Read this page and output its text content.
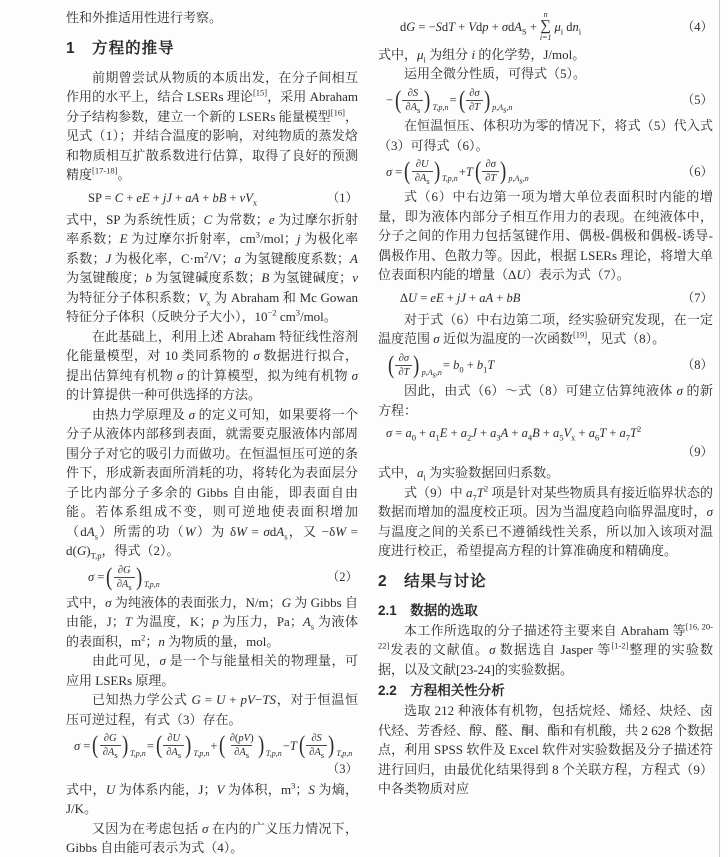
性和外推适用性进行考察。

1　方程的推导

前期曾尝试从物质的本质出发，在分子间相互作用的水平上，结合 LSERs 理论[15]，采用 Abraham 分子结构参数，建立一个新的 LSERs 能量模型[16]，见式（1）；并结合温度的影响，对纯物质的蒸发焓和物质相互扩散系数进行估算，取得了良好的预测精度[17-18]。

SP = C + eE + jJ + aA + bB + $vV_x$	（1）

式中，SP 为系统性质；C 为常数；e 为过摩尔折射率系数；E 为过摩尔折射率，$cm^3$/mol；j 为极化率系数；J 为极化率，$C\cdot m^2/V$；a 为氢键酸度系数；A 为氢键酸度；b 为氢键碱度系数；B 为氢键碱度；v 为特征分子体积系数；$V_x$ 为 Abraham 和 Mc Gowan 特征分子体积（反映分子大小），$10^{-2}$ $cm^3$/mol。

在此基础上，利用上述 Abraham 特征线性溶剂化能量模型，对 10 类同系物的 σ 数据进行拟合，提出估算纯有机物 σ 的计算模型，拟为纯有机物 σ 的计算提供一种可供选择的方法。

由热力学原理及 σ 的定义可知，如果要将一个分子从液体内部移到表面，就需要克服液体内部周围分子对它的吸引力而做功。在恒温恒压可逆的条件下，形成新表面所消耗的功，将转化为表面层分子比内部分子多余的 Gibbs 自由能，即表面自由能。若体系组成不变，则可逆地使表面积增加$(dA_s)$所需的功（W）为 δW = σdA$_s$，又 $-\delta W = d(G)_{T,p}$，得式（2）。

σ = ( $\frac{\partial G}{\partial A_s}$ ) T,p,n
（2）

式中，σ 为纯液体的表面张力，N/m；G 为 Gibbs 自由能，J；T 为温度，K；p 为压力，Pa；$A_s$ 为液体的表面积，$m^2$；n 为物质的量，mol。

由此可见，σ 是一个与能量相关的物理量，可应用 LSERs 原理。

已知热力学公式 G = U + pV−TS，对于恒温恒压可逆过程，有式（3）存在。

σ = ( $\frac{\partial G}{\partial A_s}$ ) T,p,n
= ( $\frac{\partial U}{\partial A_s}$ ) T,p,n
+ ( $\frac{\partial(pV)}{\partial A_s}$ ) T,p,n
−T ( $\frac{\partial S}{\partial A_s}$ ) T,p,n
（3）

式中，U 为体系内能，J；V 为体积，$m^3$；S 为熵，J/K。

又因为在考虑包括 σ 在内的广义压力情况下，Gibbs 自由能可表示为式（4）。

dG = −SdT + Vdp + σdA$_S$ +
n
∑
i=1
$\mu_i$ $dn_i$	（4）

式中，$\mu_i$ 为组分 i 的化学势，J/mol。

运用全微分性质，可得式（5）。

− ( $\frac{\partial S}{\partial A_s}$ ) T,p,n
= ( $\frac{\partial\sigma}{\partial T}$ ) $p,A_s,n$
（5）

在恒温恒压、体积功为零的情况下，将式（5）代入式（3）可得式（6）。

σ = ( $\frac{\partial U}{\partial A_s}$ ) T,p,n
+T ( $\frac{\partial\sigma}{\partial T}$ ) $p,A_s,n$
（6）

式（6）中右边第一项为增大单位表面积时内能的增量，即为液体内部分子相互作用力的表现。在纯液体中，分子之间的作用力包括氢键作用、偶极-偶极和偶极-诱导-偶极作用、色散力等。因此，根据 LSERs 理论，将增大单位表面积内能的增量（ΔU）表示为式（7）。

ΔU = eE + jJ + aA + bB	（7）

对于式（6）中右边第二项，经实验研究发现，在一定温度范围 σ 近似为温度的一次函数[19]，见式（8）。

( $\frac{\partial\sigma}{\partial T}$ ) $p,A_s,n$
= $b_0 + b_1T$	（8）

因此，由式（6）～式（8）可建立估算纯液体 σ 的新方程：

$\sigma = a_0 + a_1E + a_2J + a_3A + a_4B + a_5V_x + a_6T + a_7T^2$
（9）

式中，$a_i$ 为实验数据回归系数。

式（9）中 $a_7T^2$ 项是针对某些物质具有接近临界状态的数据而增加的温度校正项。因为当温度趋向临界温度时，σ 与温度之间的关系已不遵循线性关系，所以加入该项对温度进行校正，希望提高方程的计算准确度和精确度。

2　结果与讨论
2.1　数据的选取

本工作所选取的分子描述符主要来自 Abraham 等[16, 20-22]发表的文献值。σ 数据选自 Jasper 等[1-2]整理的实验数据，以及文献[23-24]的实验数据。

2.2　方程相关性分析

选取 212 种液体有机物，包括烷烃、烯烃、炔烃、卤代烃、芳香烃、醇、醛、酮、酯和有机酸，共 2 628 个数据点，利用 SPSS 软件及 Excel 软件对实验数据及分子描述符进行回归，由最优化结果得到 8 个关联方程，方程式（9）中各类物质对应
